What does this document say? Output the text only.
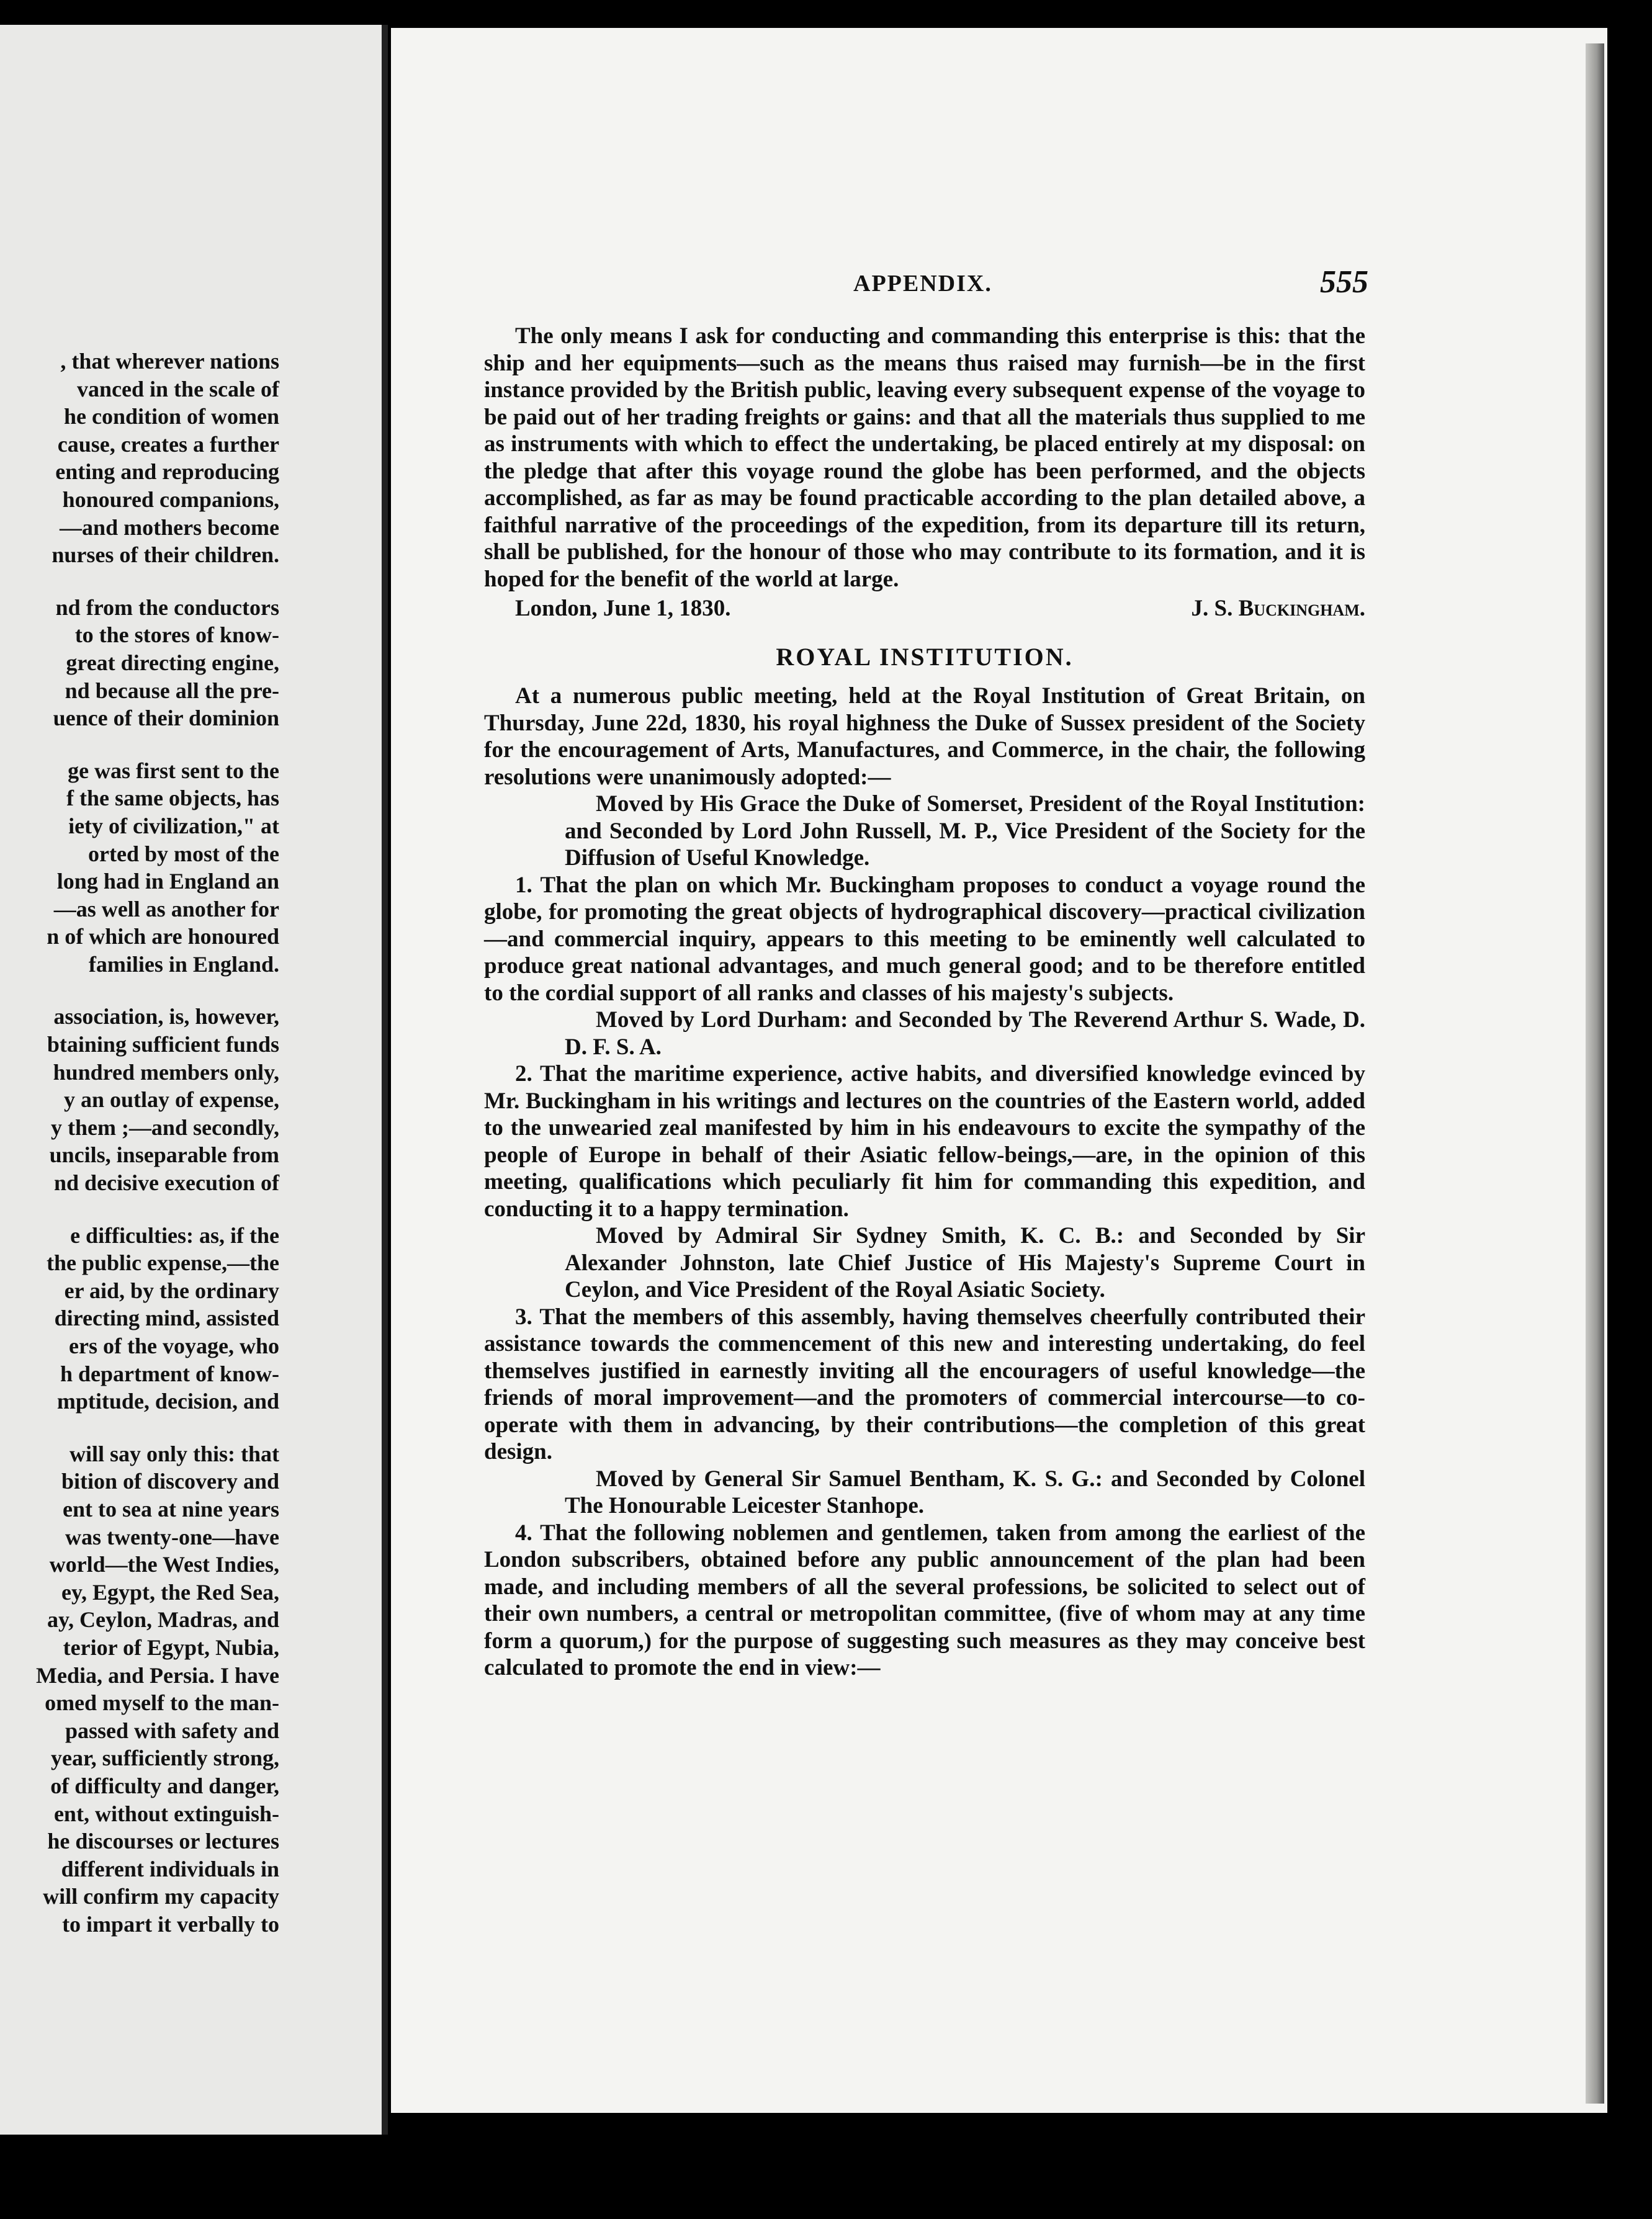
, that wherever nations
vanced in the scale of
he condition of women
cause, creates a further
enting and reproducing
honoured companions,
—and mothers become
nurses of their children.
nd from the conductors
to the stores of know-
great directing engine,
nd because all the pre-
uence of their dominion
ge was first sent to the
f the same objects, has
iety of civilization," at
orted by most of the
long had in England an
—as well as another for
n of which are honoured
families in England.
association, is, however,
btaining sufficient funds
hundred members only,
y an outlay of expense,
y them ;—and secondly,
uncils, inseparable from
nd decisive execution of
e difficulties: as, if the
the public expense,—the
er aid, by the ordinary
directing mind, assisted
ers of the voyage, who
h department of know-
mptitude, decision, and
will say only this: that
bition of discovery and
ent to sea at nine years
was twenty-one—have
world—the West Indies,
ey, Egypt, the Red Sea,
ay, Ceylon, Madras, and
terior of Egypt, Nubia,
Media, and Persia. I have
omed myself to the man-
passed with safety and
year, sufficiently strong,
of difficulty and danger,
ent, without extinguish-
he discourses or lectures
different individuals in
will confirm my capacity
to impart it verbally to
APPENDIX.	555

The only means I ask for conducting and commanding this enterprise is this: that the ship and her equipments—such as the means thus raised may furnish—be in the first instance provided by the British public, leaving every subsequent expense of the voyage to be paid out of her trading freights or gains: and that all the materials thus supplied to me as instruments with which to effect the undertaking, be placed entirely at my disposal: on the pledge that after this voyage round the globe has been performed, and the objects accomplished, as far as may be found practicable according to the plan detailed above, a faithful narrative of the proceedings of the expedition, from its departure till its return, shall be published, for the honour of those who may contribute to its formation, and it is hoped for the benefit of the world at large.

London, June 1, 1830.	J. S. Buckingham.
ROYAL INSTITUTION.

At a numerous public meeting, held at the Royal Institution of Great Britain, on Thursday, June 22d, 1830, his royal highness the Duke of Sussex president of the Society for the encouragement of Arts, Manufactures, and Commerce, in the chair, the following resolutions were unanimously adopted:—

Moved by His Grace the Duke of Somerset, President of the Royal Institution: and Seconded by Lord John Russell, M. P., Vice President of the Society for the Diffusion of Useful Knowledge.

1. That the plan on which Mr. Buckingham proposes to conduct a voyage round the globe, for promoting the great objects of hydrographical discovery—practical civilization—and commercial inquiry, appears to this meeting to be eminently well calculated to produce great national advantages, and much general good; and to be therefore entitled to the cordial support of all ranks and classes of his majesty's subjects.

Moved by Lord Durham: and Seconded by The Reverend Arthur S. Wade, D. D. F. S. A.

2. That the maritime experience, active habits, and diversified knowledge evinced by Mr. Buckingham in his writings and lectures on the countries of the Eastern world, added to the unwearied zeal manifested by him in his endeavours to excite the sympathy of the people of Europe in behalf of their Asiatic fellow-beings,—are, in the opinion of this meeting, qualifications which peculiarly fit him for commanding this expedition, and conducting it to a happy termination.

Moved by Admiral Sir Sydney Smith, K. C. B.: and Seconded by Sir Alexander Johnston, late Chief Justice of His Majesty's Supreme Court in Ceylon, and Vice President of the Royal Asiatic Society.

3. That the members of this assembly, having themselves cheerfully contributed their assistance towards the commencement of this new and interesting undertaking, do feel themselves justified in earnestly inviting all the encouragers of useful knowledge—the friends of moral improvement—and the promoters of commercial intercourse—to co-operate with them in advancing, by their contributions—the completion of this great design.

Moved by General Sir Samuel Bentham, K. S. G.: and Seconded by Colonel The Honourable Leicester Stanhope.

4. That the following noblemen and gentlemen, taken from among the earliest of the London subscribers, obtained before any public announcement of the plan had been made, and including members of all the several professions, be solicited to select out of their own numbers, a central or metropolitan committee, (five of whom may at any time form a quorum,) for the purpose of suggesting such measures as they may conceive best calculated to promote the end in view:—
